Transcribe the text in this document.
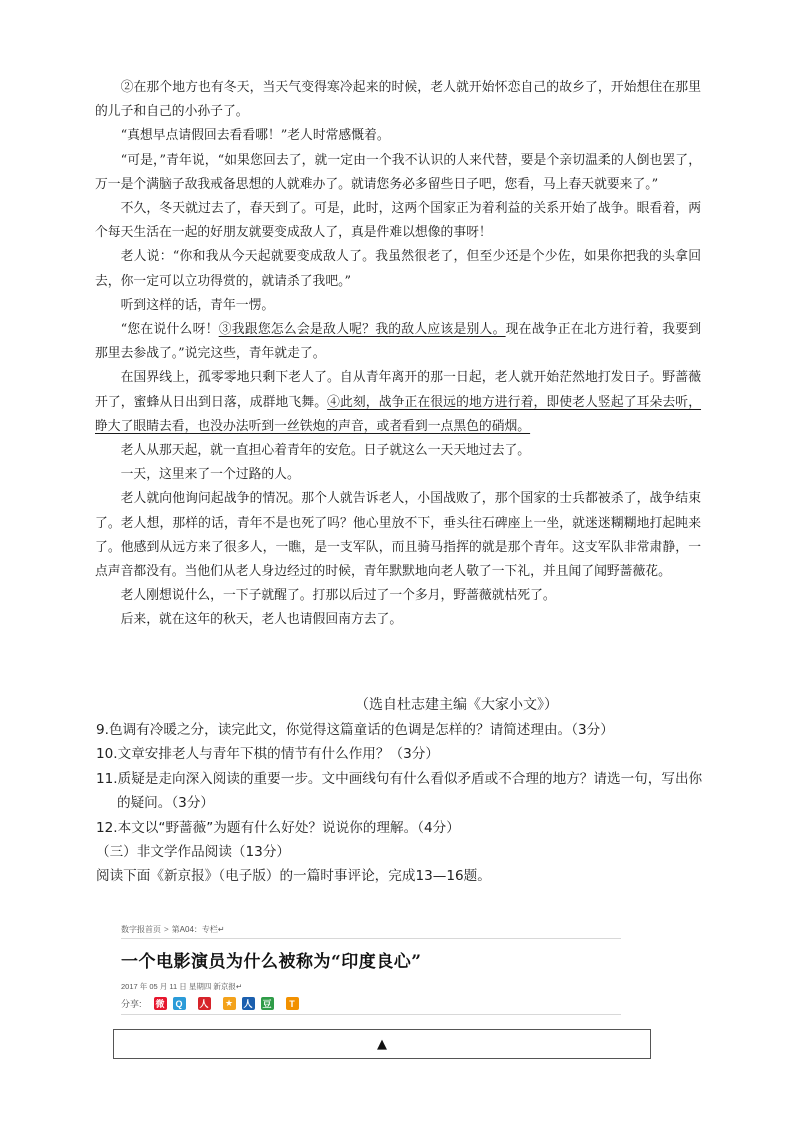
②在那个地方也有冬天，当天气变得寒冷起来的时候，老人就开始怀恋自己的故乡了，开始想住在那里的儿子和自己的小孙子了。

“真想早点请假回去看看哪！”老人时常感慨着。

“可是，”青年说，“如果您回去了，就一定由一个我不认识的人来代替，要是个亲切温柔的人倒也罢了，万一是个满脑子敌我戒备思想的人就难办了。就请您务必多留些日子吧，您看，马上春天就要来了。”

不久，冬天就过去了，春天到了。可是，此时，这两个国家正为着利益的关系开始了战争。眼看着，两个每天生活在一起的好朋友就要变成敌人了，真是件难以想像的事呀！

老人说：“你和我从今天起就要变成敌人了。我虽然很老了，但至少还是个少佐，如果你把我的头拿回去，你一定可以立功得赏的，就请杀了我吧。”

听到这样的话，青年一愣。

“您在说什么呀！③我跟您怎么会是敌人呢？我的敌人应该是别人。现在战争正在北方进行着，我要到那里去参战了。”说完这些，青年就走了。

在国界线上，孤零零地只剩下老人了。自从青年离开的那一日起，老人就开始茫然地打发日子。野蔷薇开了，蜜蜂从日出到日落，成群地飞舞。④此刻，战争正在很远的地方进行着，即使老人竖起了耳朵去听，睁大了眼睛去看，也没办法听到一丝铁炮的声音，或者看到一点黑色的硝烟。

老人从那天起，就一直担心着青年的安危。日子就这么一天天地过去了。

一天，这里来了一个过路的人。

老人就向他询问起战争的情况。那个人就告诉老人，小国战败了，那个国家的士兵都被杀了，战争结束了。老人想，那样的话，青年不是也死了吗？他心里放不下，垂头往石碑座上一坐，就迷迷糊糊地打起盹来了。他感到从远方来了很多人，一瞧，是一支军队，而且骑马指挥的就是那个青年。这支军队非常肃静，一点声音都没有。当他们从老人身边经过的时候，青年默默地向老人敬了一下礼，并且闻了闻野蔷薇花。

老人刚想说什么，一下子就醒了。打那以后过了一个多月，野蔷薇就枯死了。

后来，就在这年的秋天，老人也请假回南方去了。

（选自杜志建主编《大家小文》）

9.色调有冷暖之分，读完此文，你觉得这篇童话的色调是怎样的？请简述理由。（3分）

10.文章安排老人与青年下棋的情节有什么作用？（3分）

11.质疑是走向深入阅读的重要一步。文中画线句有什么看似矛盾或不合理的地方？请选一句，写出你的疑问。（3分）

12.本文以“野蔷薇”为题有什么好处？说说你的理解。（4分）

（三）非文学作品阅读（13分）

阅读下面《新京报》（电子版）的一篇时事评论，完成13—16题。

数字报首页 > 第A04：专栏↵
一个电影演员为什么被称为“印度良心”
2017 年 05 月 11 日 星期四 新京报↵
分享: 微	Q	人 ★ 人 豆	T
▲
